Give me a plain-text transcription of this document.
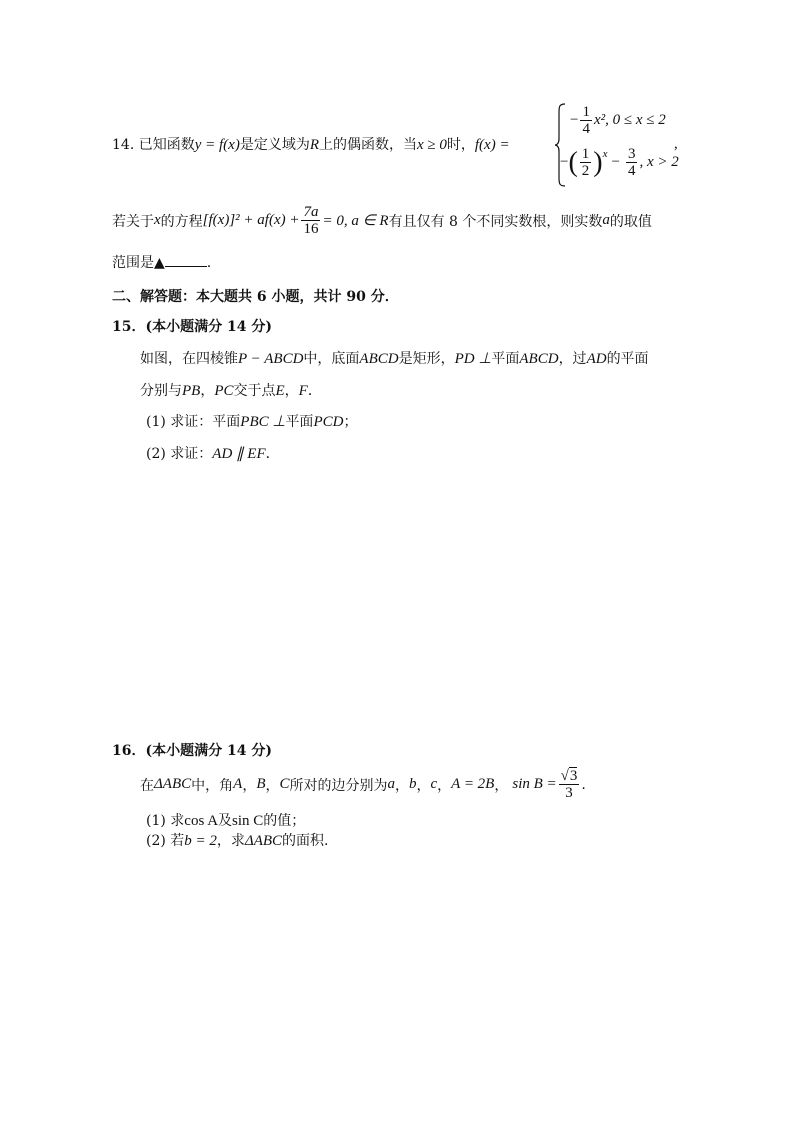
14. 已知函数y = f(x)是定义域为R上的偶函数，当x ≥ 0时，f(x) =
− $\frac{1}{4} x^2$, 0 ≤ x ≤ 2
,
− ( $\frac{1}{2} )^x - \frac{3}{4}$ , x > 2
若关于 x 的方程 $[f(x)]^2 + af(x) + \frac{7a}{16} = 0$, a ∈ R 有且仅有 8 个不同实数根，则实数 a 的取值
范围是▲	.
二、解答题：本大题共 6 小题，共计 90 分．
15．(本小题满分 14 分)
如图，在四棱锥P − ABCD中，底面ABCD是矩形，PD ⊥平面ABCD，过AD的平面
分别与PB，PC交于点E，F．
(1) 求证：平面PBC ⊥平面PCD；
(2) 求证：AD ∥ EF．
16．(本小题满分 14 分)
在 ΔABC 中，角 A ， B ， C 所对的边分别为 a ， b ， c ， A = 2B ， $\sin B = \frac{√3}{3}$ .
(1) 求cos A及sin C的值；
(2) 若b = 2，求ΔABC的面积.
